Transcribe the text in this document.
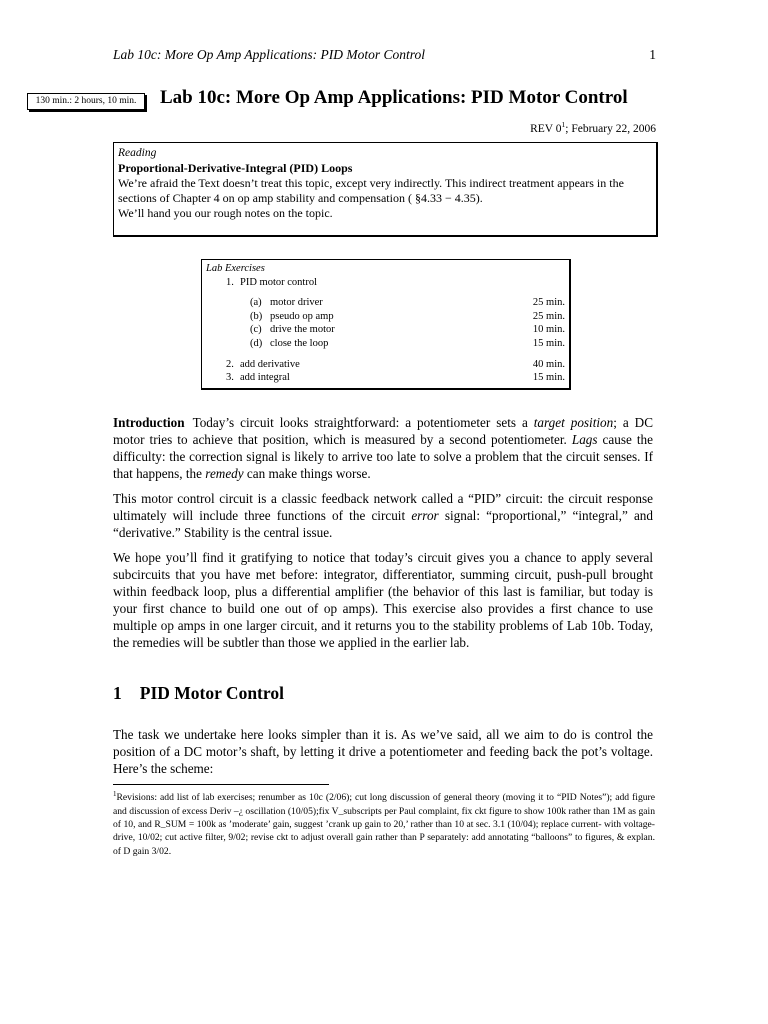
Lab 10c: More Op Amp Applications: PID Motor Control	1
130 min.: 2 hours, 10 min.	Lab 10c: More Op Amp Applications: PID Motor Control
REV $0^1$; February 22, 2006
Reading
Proportional-Derivative-Integral (PID) Loops
We’re afraid the Text doesn’t treat this topic, except very indirectly. This indirect treatment appears in the sections of Chapter 4 on op amp stability and compensation ( §4.33 − 4.35).
We’ll hand you our rough notes on the topic.
Lab Exercises
1. PID motor control
(a) motor driver	25 min.
(b) pseudo op amp	25 min.
(c) drive the motor	10 min.
(d) close the loop	15 min.
2. add derivative	40 min.
3. add integral	15 min.
Introduction Today’s circuit looks straightforward: a potentiometer sets a target position; a DC motor tries to achieve that position, which is measured by a second potentiometer. Lags cause the difficulty: the correction signal is likely to arrive too late to solve a problem that the circuit senses. If that happens, the remedy can make things worse.
This motor control circuit is a classic feedback network called a “PID” circuit: the circuit response ultimately will include three functions of the circuit error signal: “proportional,” “integral,” and “derivative.” Stability is the central issue.
We hope you’ll find it gratifying to notice that today’s circuit gives you a chance to apply several subcircuits that you have met before: integrator, differentiator, summing circuit, push-pull brought within feedback loop, plus a differential amplifier (the behavior of this last is familiar, but today is your first chance to build one out of op amps). This exercise also provides a first chance to use multiple op amps in one larger circuit, and it returns you to the stability problems of Lab 10b. Today, the remedies will be subtler than those we applied in the earlier lab.
1 PID Motor Control
The task we undertake here looks simpler than it is. As we’ve said, all we aim to do is control the position of a DC motor’s shaft, by letting it drive a potentiometer and feeding back the pot’s voltage. Here’s the scheme:
$^1$Revisions: add list of lab exercises; renumber as 10c (2/06); cut long discussion of general theory (moving it to “PID Notes”); add figure and discussion of excess Deriv –¿ oscillation (10/05);fix V_subscripts per Paul complaint, fix ckt figure to show 100k rather than 1M as gain of 10, and R_SUM = 100k as ’moderate’ gain, suggest ’crank up gain to 20,’ rather than 10 at sec. 3.1 (10/04); replace current- with voltage-drive, 10/02; cut active filter, 9/02; revise ckt to adjust overall gain rather than P separately: add annotating “balloons” to figures, & explan. of D gain 3/02.
